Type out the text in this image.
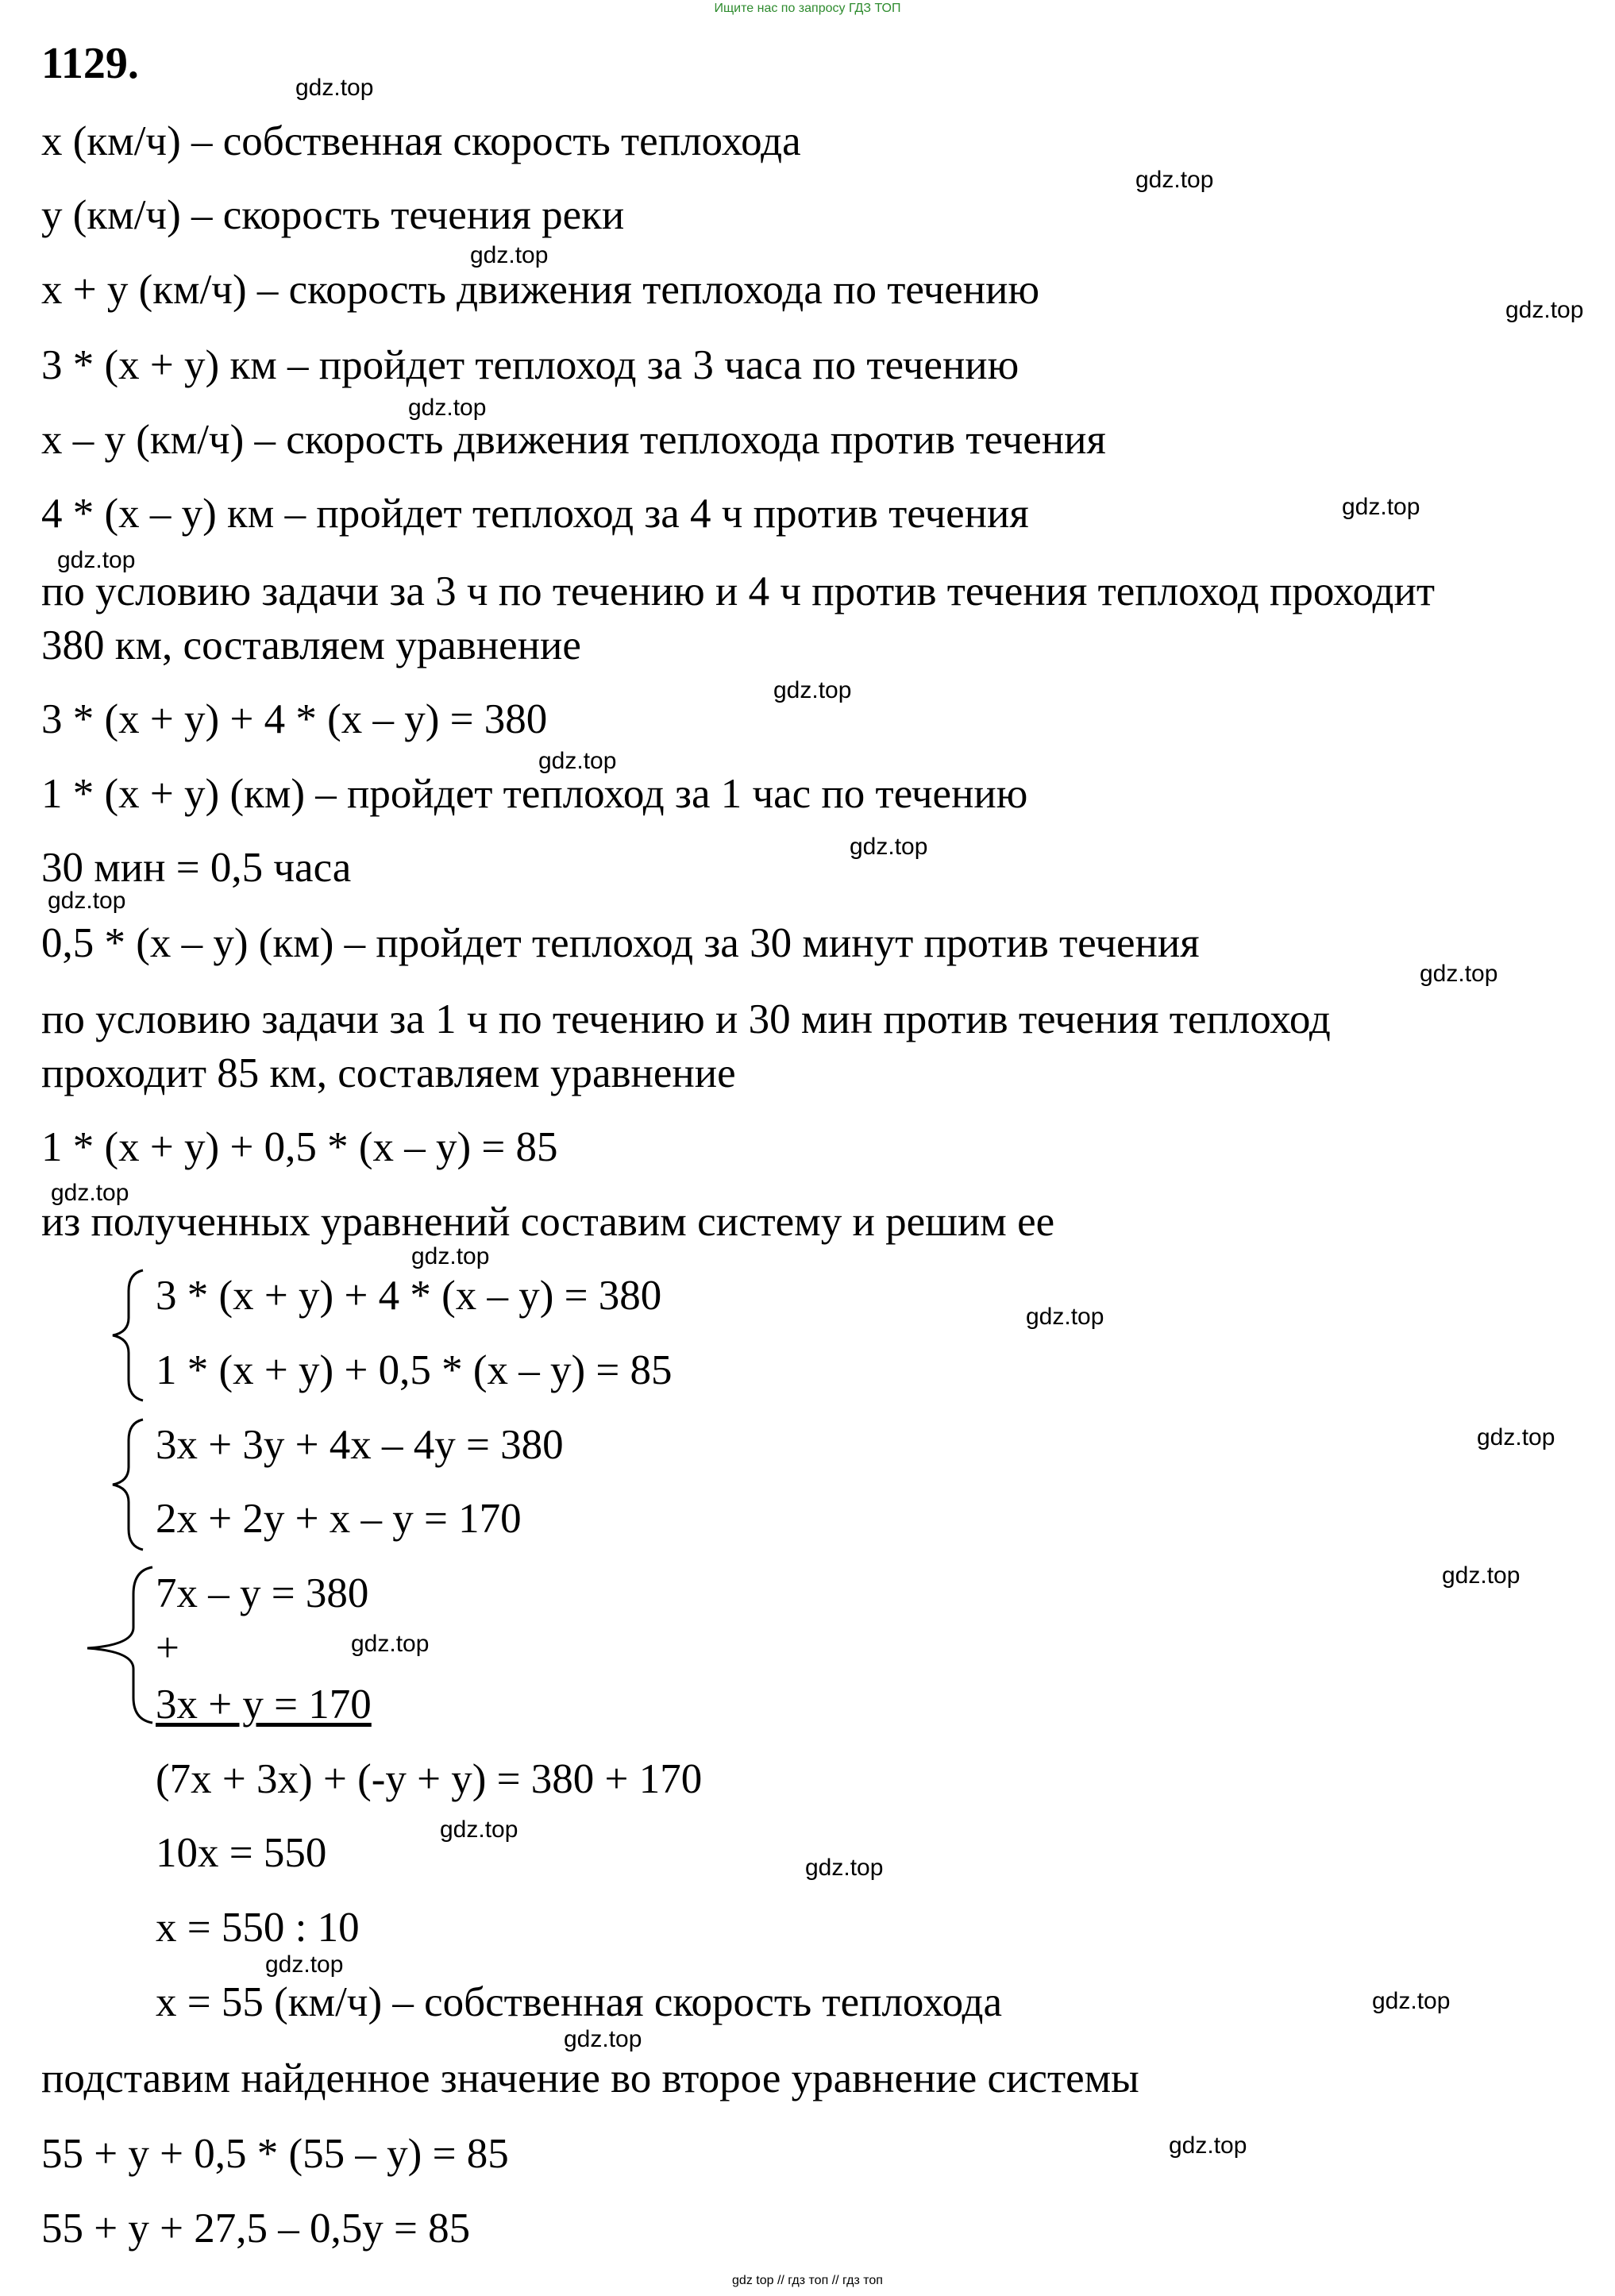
Ищите нас по запросу ГДЗ ТОП
1129.
x (км/ч) – собственная скорость теплохода
y (км/ч) – скорость течения реки
x + y (км/ч) – скорость движения теплохода по течению
3 * (x + y) км – пройдет теплоход за 3 часа по течению
x – y (км/ч) – скорость движения теплохода против течения
4 * (x – y) км – пройдет теплоход за 4 ч против течения
по условию задачи за 3 ч по течению и 4 ч против течения теплоход проходит
380 км, составляем уравнение
3 * (x + y) + 4 * (x – y) = 380
1 * (x + y) (км) – пройдет теплоход за 1 час по течению
30 мин = 0,5 часа
0,5 * (x – y) (км) – пройдет теплоход за 30 минут против течения
по условию задачи за 1 ч по течению и 30 мин против течения теплоход
проходит 85 км, составляем уравнение
1 * (x + y) + 0,5 * (x – y) = 85
из полученных уравнений составим систему и решим ее
3 * (x + y) + 4 * (x – y) = 380
1 * (x + y) + 0,5 * (x – y) = 85
3x + 3y + 4x – 4y = 380
2x + 2y + x – y = 170
7x – y = 380
+
3x + y = 170
(7x + 3x) + (-y + y) = 380 + 170
10x = 550
x = 550 : 10
x = 55 (км/ч) – собственная скорость теплохода
подставим найденное значение во второе уравнение системы
55 + y + 0,5 * (55 – y) = 85
55 + y + 27,5 – 0,5y = 85
gdz.top
gdz.top
gdz.top
gdz.top
gdz.top
gdz.top
gdz.top
gdz.top
gdz.top
gdz.top
gdz.top
gdz.top
gdz.top
gdz.top
gdz.top
gdz.top
gdz.top
gdz.top
gdz.top
gdz.top
gdz.top
gdz.top
gdz.top
gdz.top
gdz top // гдз топ // гдз топ
